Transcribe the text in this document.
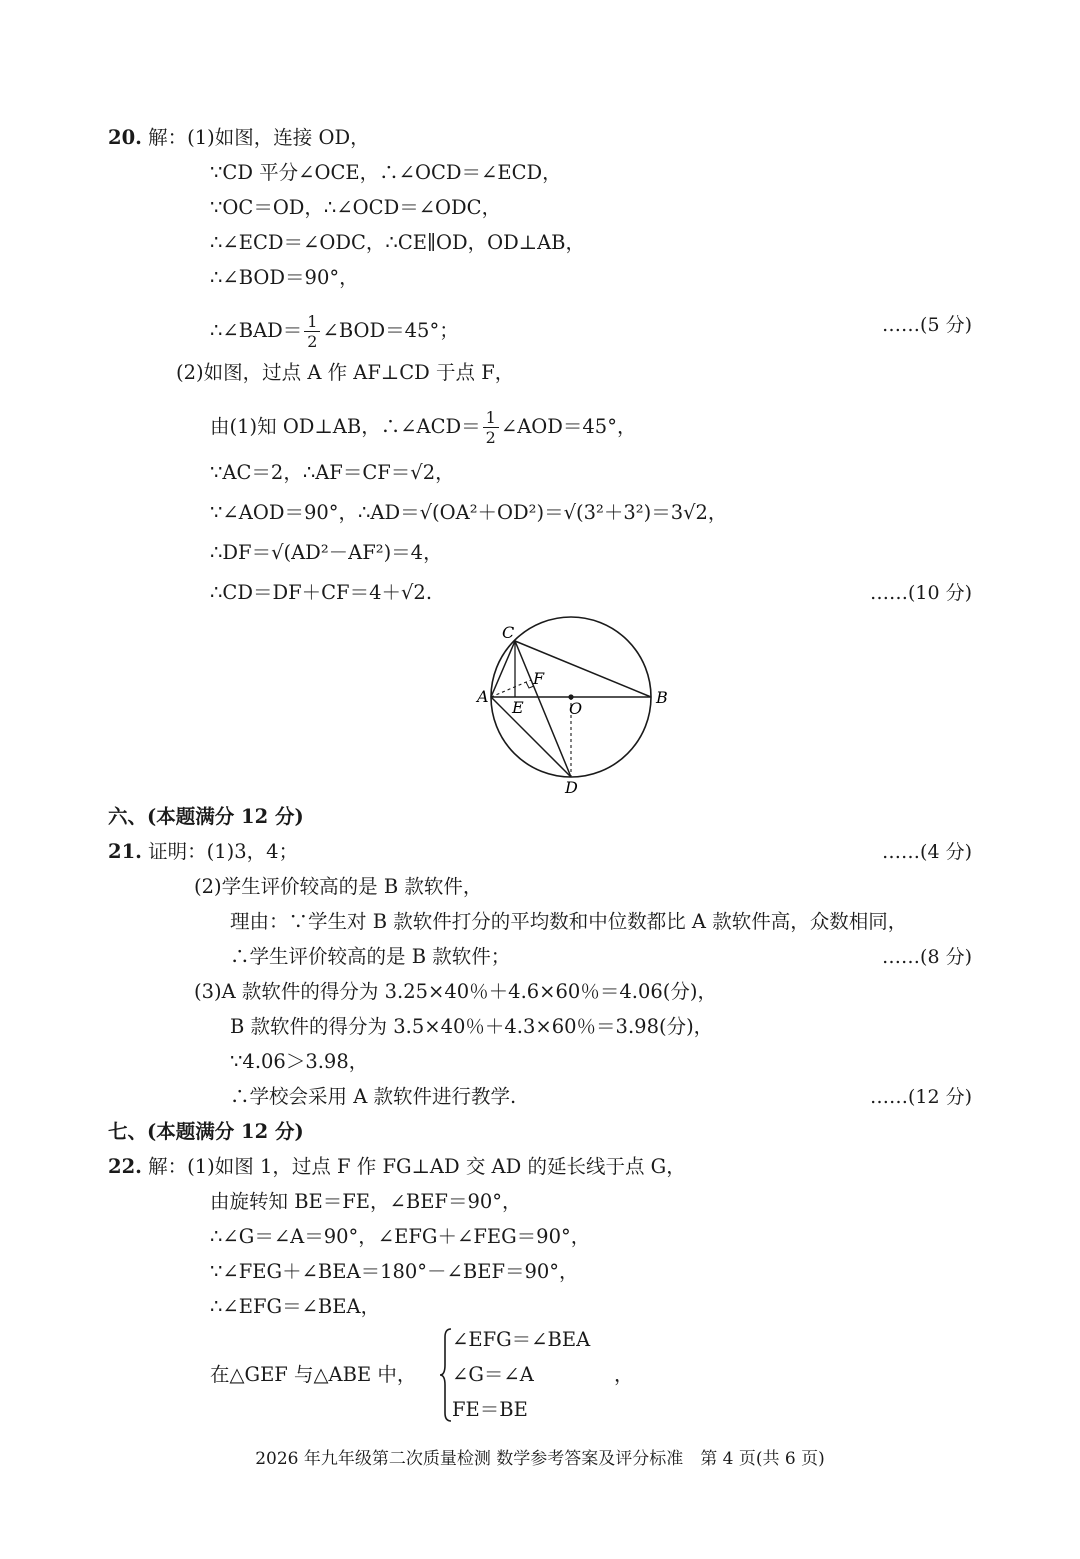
20. 解：(1)如图，连接 OD，
∵CD 平分∠OCE，∴∠OCD＝∠ECD，
∵OC＝OD，∴∠OCD＝∠ODC，
∴∠ECD＝∠ODC，∴CE∥OD，OD⊥AB，
∴∠BOD＝90°，
∴∠BAD＝ $\frac{1}{2}$ ∠BOD＝45°；	……(5 分)
(2)如图，过点 A 作 AF⊥CD 于点 F，
由(1)知 OD⊥AB，∴∠ACD＝ $\frac{1}{2}$ ∠AOD＝45°，
∵AC＝2，∴AF＝CF＝√2，
∵∠AOD＝90°，∴AD＝√(OA²＋OD²)＝√(3²＋3²)＝3√2，
∴DF＝√(AD²－AF²)＝4，
∴CD＝DF＋CF＝4＋√2.	……(10 分)
C
A	B
E
F
O
D
六、(本题满分 12 分)
21. 证明：(1)3，4；	……(4 分)
(2)学生评价较高的是 B 款软件，
理由：∵学生对 B 款软件打分的平均数和中位数都比 A 款软件高，众数相同，
∴学生评价较高的是 B 款软件；	……(8 分)
(3)A 款软件的得分为 3.25×40％＋4.6×60％＝4.06(分)，
B 款软件的得分为 3.5×40％＋4.3×60％＝3.98(分)，
∵4.06＞3.98，
∴学校会采用 A 款软件进行教学.	……(12 分)
七、(本题满分 12 分)
22. 解：(1)如图 1，过点 F 作 FG⊥AD 交 AD 的延长线于点 G，
由旋转知 BE＝FE，∠BEF＝90°，
∴∠G＝∠A＝90°，∠EFG＋∠FEG＝90°，
∵∠FEG＋∠BEA＝180°－∠BEF＝90°，
∴∠EFG＝∠BEA，
在△GEF 与△ABE 中，
∠EFG＝∠BEA
∠G＝∠A
FE＝BE
，
2026 年九年级第二次质量检测 数学参考答案及评分标准　第 4 页(共 6 页)
